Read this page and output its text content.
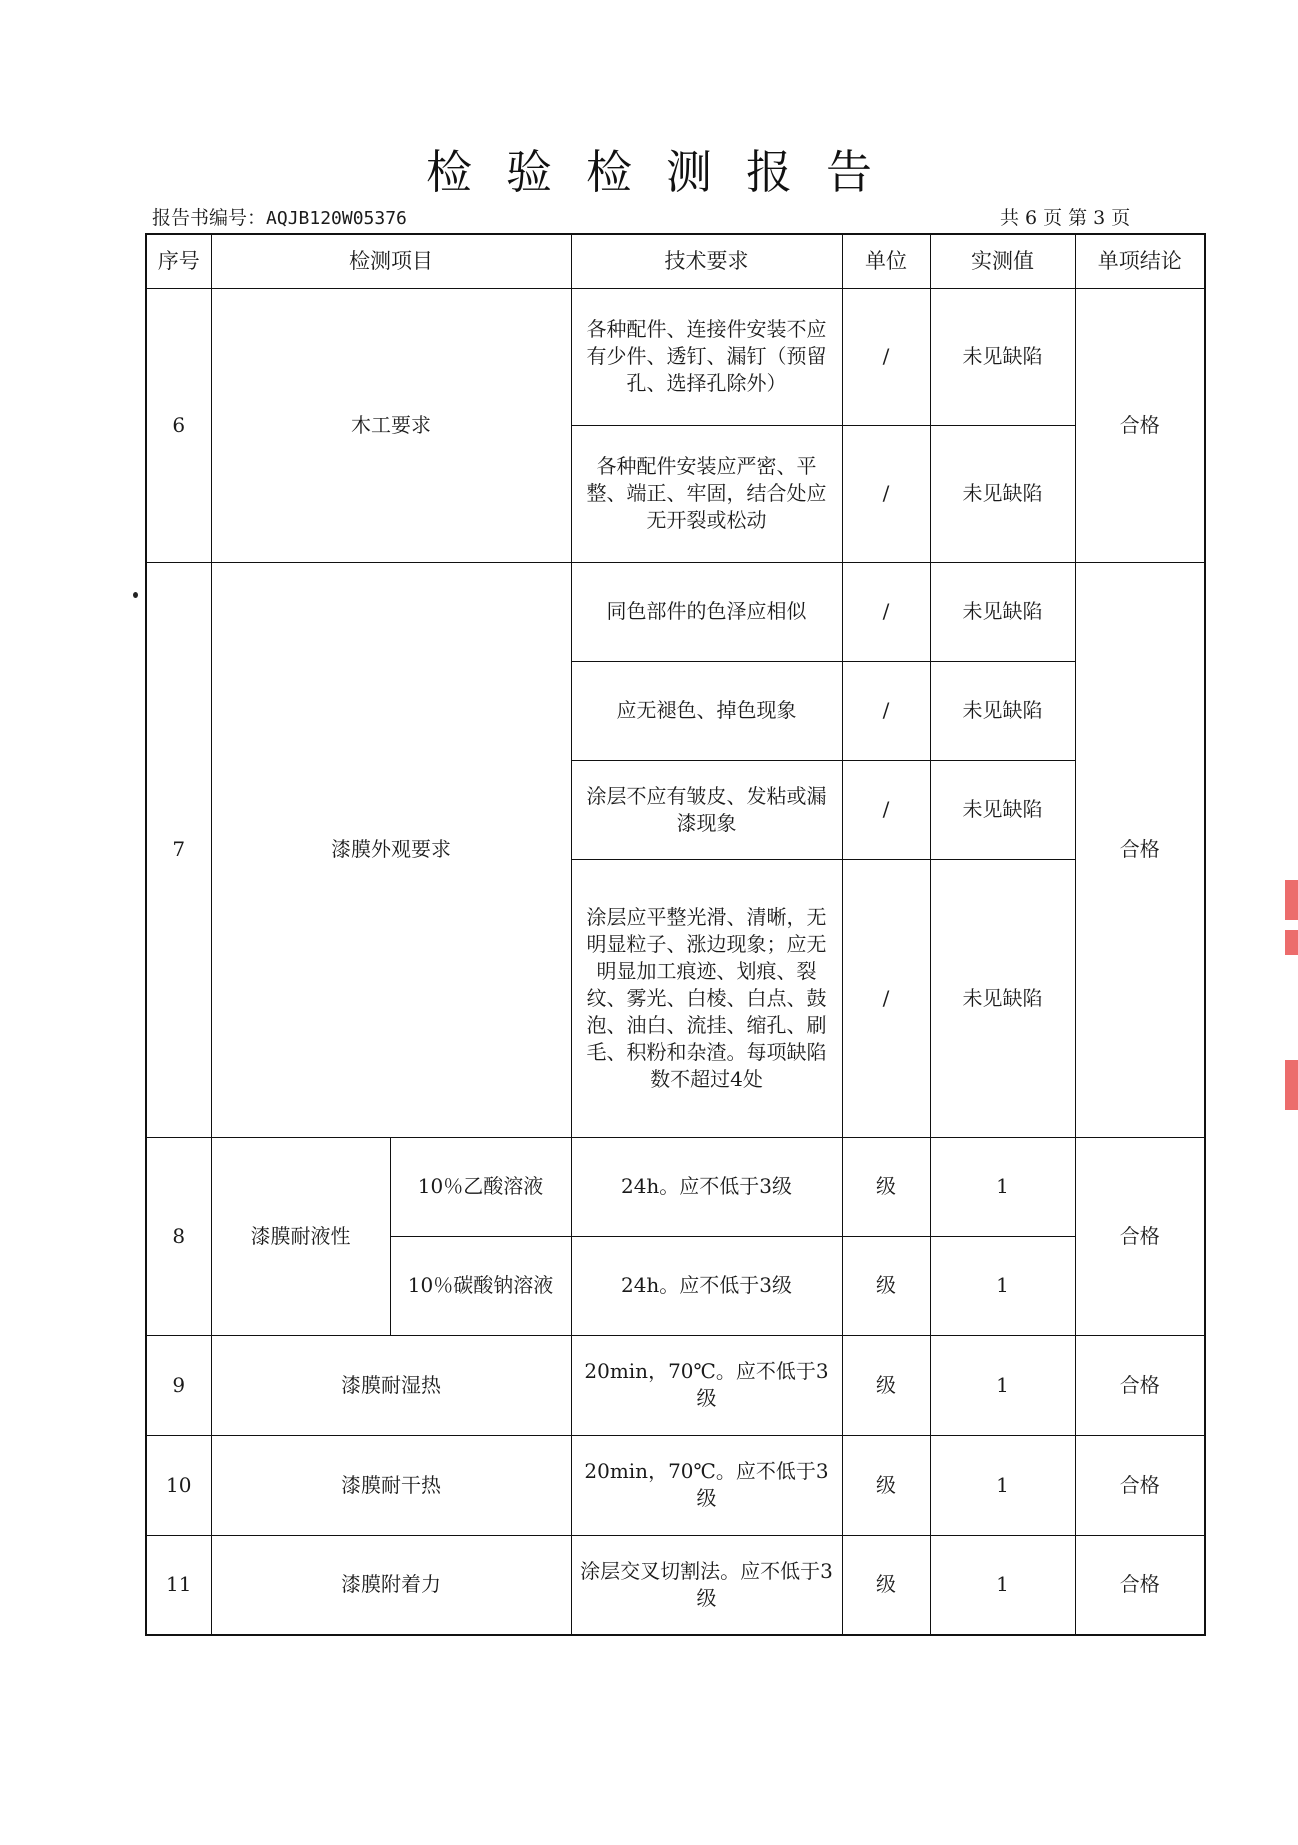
检验检测报告
报告书编号：AQJB120W05376	共 6 页 第 3 页
序号	检测项目		技术要求	单位	实测值	单项结论
6	木工要求		各种配件、连接件安装不应有少件、透钉、漏钉（预留孔、选择孔除外）	/	未见缺陷	合格
			各种配件安装应严密、平整、端正、牢固，结合处应无开裂或松动	/	未见缺陷	
7	漆膜外观要求		同色部件的色泽应相似	/	未见缺陷	合格
			应无褪色、掉色现象	/	未见缺陷	
			涂层不应有皱皮、发粘或漏漆现象	/	未见缺陷	
			涂层应平整光滑、清晰，无明显粒子、涨边现象；应无明显加工痕迹、划痕、裂纹、雾光、白棱、白点、鼓泡、油白、流挂、缩孔、刷毛、积粉和杂渣。每项缺陷数不超过4处	/	未见缺陷	
8	漆膜耐液性	10％乙酸溶液	24h。应不低于3级	级	1	合格
		10％碳酸钠溶液	24h。应不低于3级	级	1	
9	漆膜耐湿热		20min，70℃。应不低于3级	级	1	合格
10	漆膜耐干热		20min，70℃。应不低于3级	级	1	合格
11	漆膜附着力		涂层交叉切割法。应不低于3级	级	1	合格
